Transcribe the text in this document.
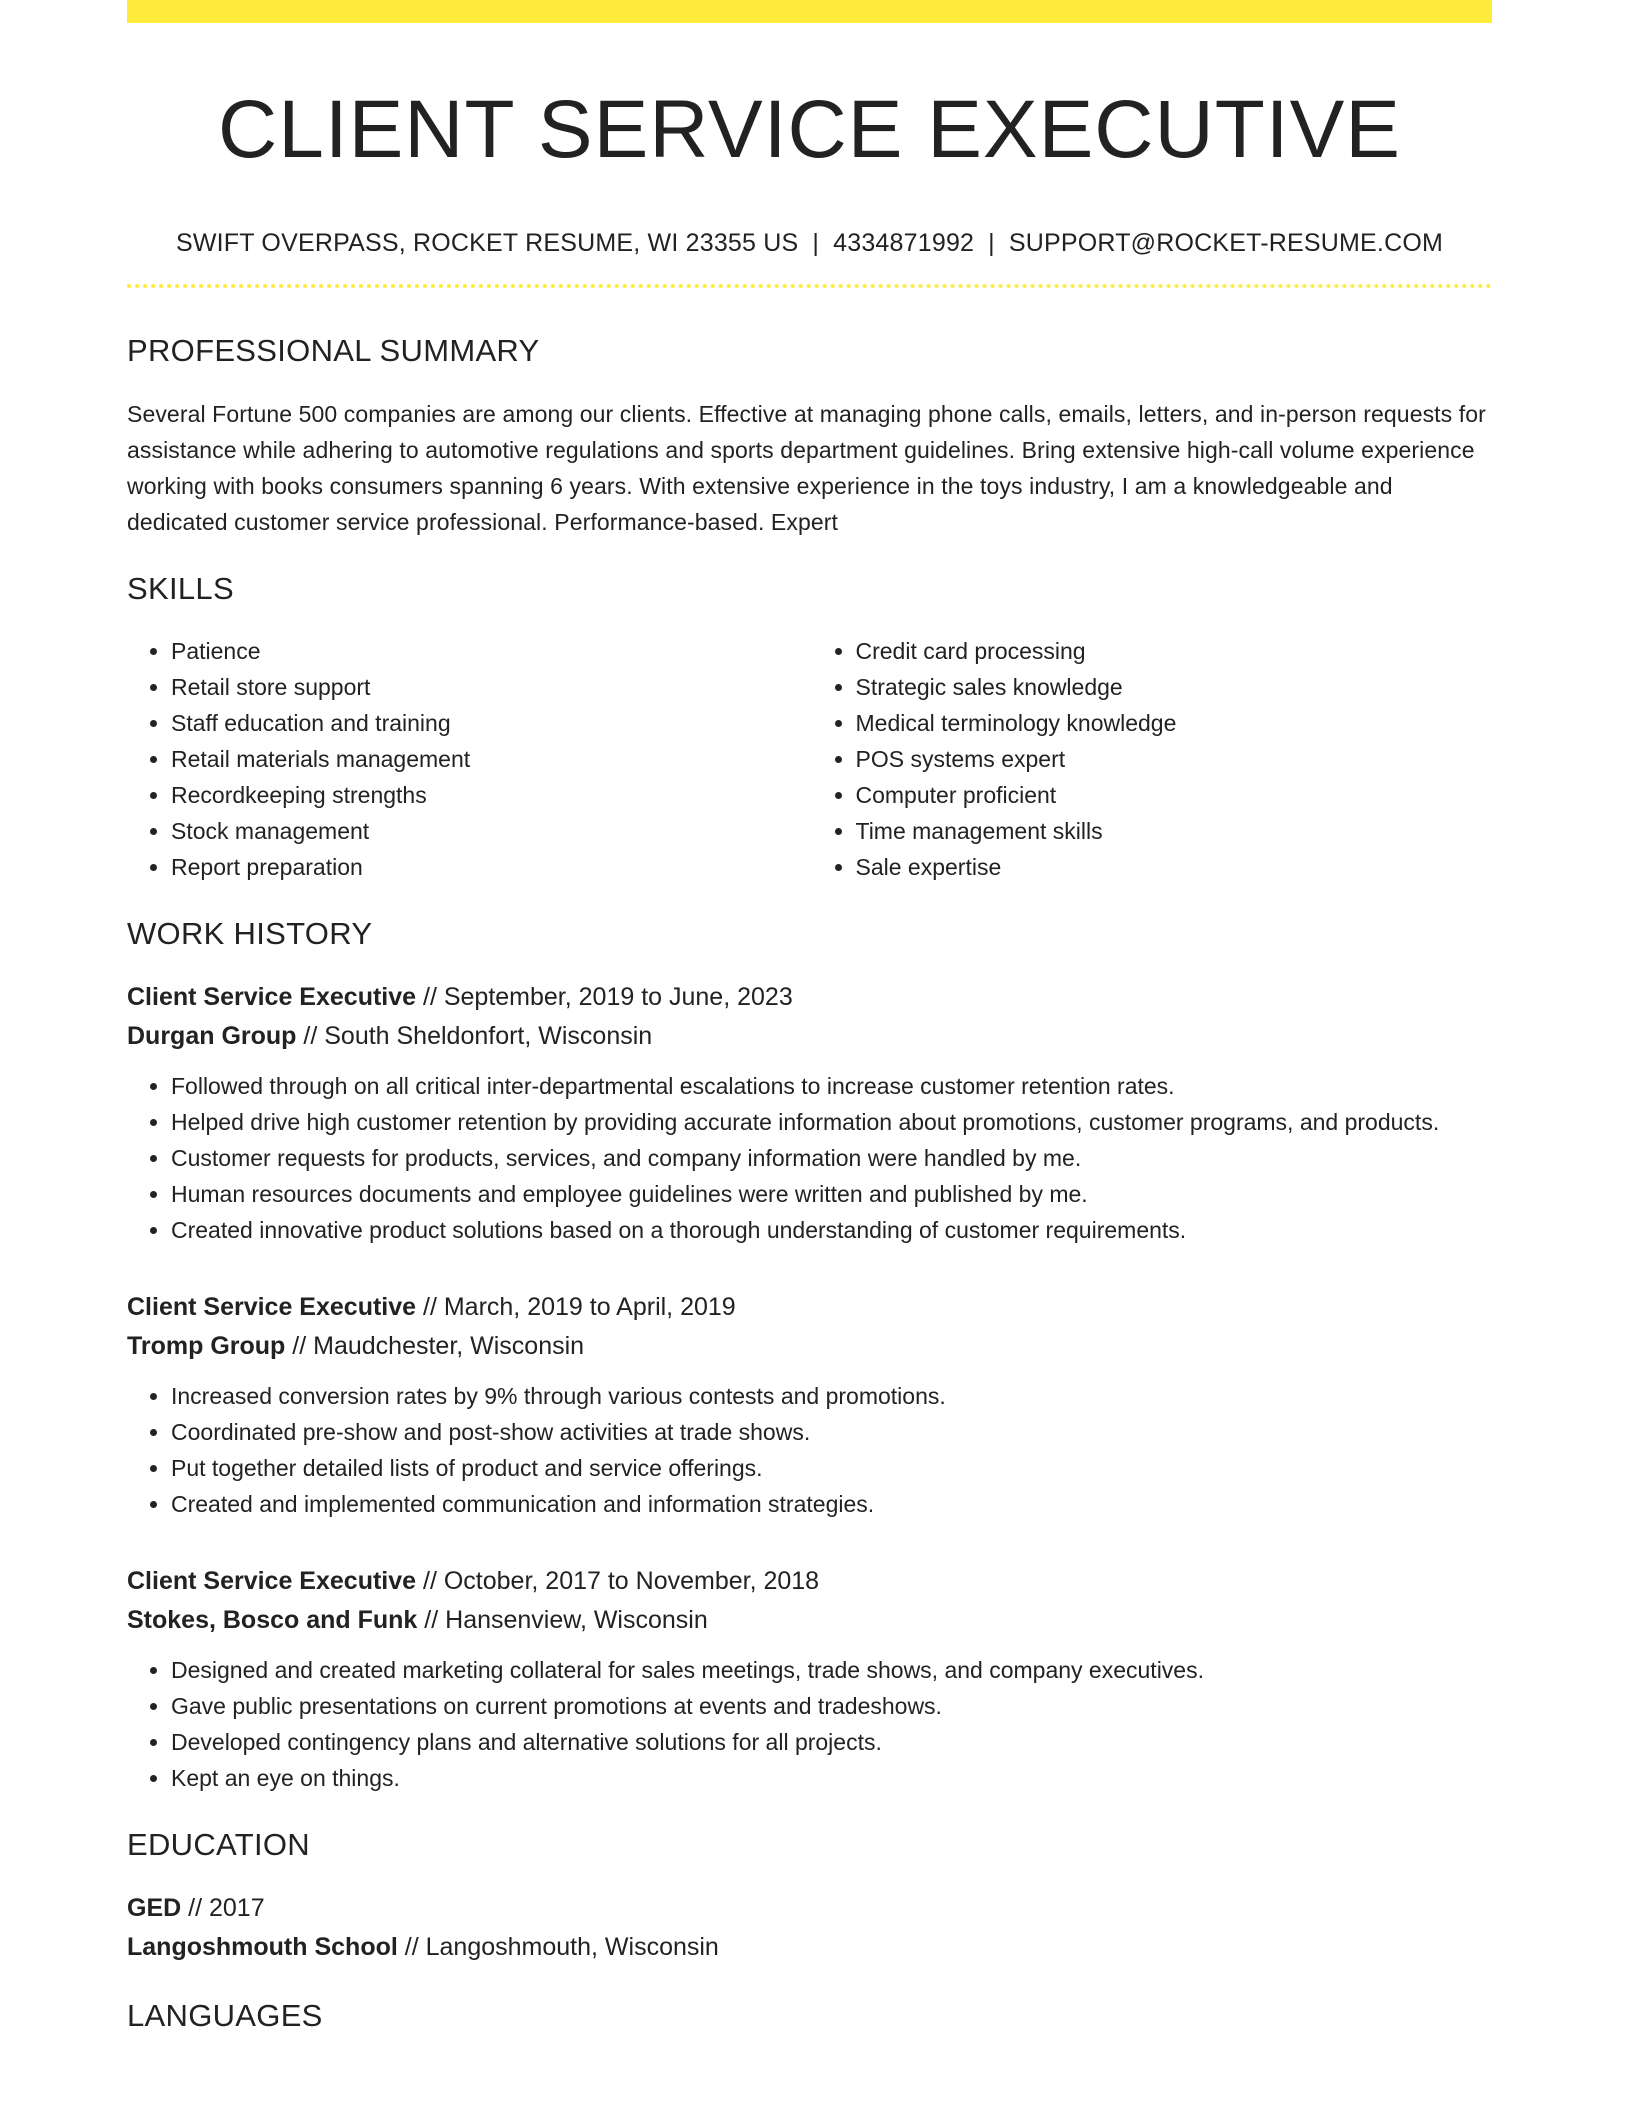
CLIENT SERVICE EXECUTIVE
SWIFT OVERPASS, ROCKET RESUME, WI 23355 US | 4334871992 | SUPPORT@ROCKET-RESUME.COM
PROFESSIONAL SUMMARY
Several Fortune 500 companies are among our clients. Effective at managing phone calls, emails, letters, and in-person requests for assistance while adhering to automotive regulations and sports department guidelines. Bring extensive high-call volume experience working with books consumers spanning 6 years. With extensive experience in the toys industry, I am a knowledgeable and dedicated customer service professional. Performance-based. Expert
SKILLS
• Patience
• Retail store support
• Staff education and training
• Retail materials management
• Recordkeeping strengths
• Stock management
• Report preparation
• Credit card processing
• Strategic sales knowledge
• Medical terminology knowledge
• POS systems expert
• Computer proficient
• Time management skills
• Sale expertise
WORK HISTORY
Client Service Executive // September, 2019 to June, 2023
Durgan Group // South Sheldonfort, Wisconsin
• Followed through on all critical inter-departmental escalations to increase customer retention rates.
• Helped drive high customer retention by providing accurate information about promotions, customer programs, and products.
• Customer requests for products, services, and company information were handled by me.
• Human resources documents and employee guidelines were written and published by me.
• Created innovative product solutions based on a thorough understanding of customer requirements.
Client Service Executive // March, 2019 to April, 2019
Tromp Group // Maudchester, Wisconsin
• Increased conversion rates by 9% through various contests and promotions.
• Coordinated pre-show and post-show activities at trade shows.
• Put together detailed lists of product and service offerings.
• Created and implemented communication and information strategies.
Client Service Executive // October, 2017 to November, 2018
Stokes, Bosco and Funk // Hansenview, Wisconsin
• Designed and created marketing collateral for sales meetings, trade shows, and company executives.
• Gave public presentations on current promotions at events and tradeshows.
• Developed contingency plans and alternative solutions for all projects.
• Kept an eye on things.
EDUCATION
GED // 2017
Langoshmouth School // Langoshmouth, Wisconsin
LANGUAGES
